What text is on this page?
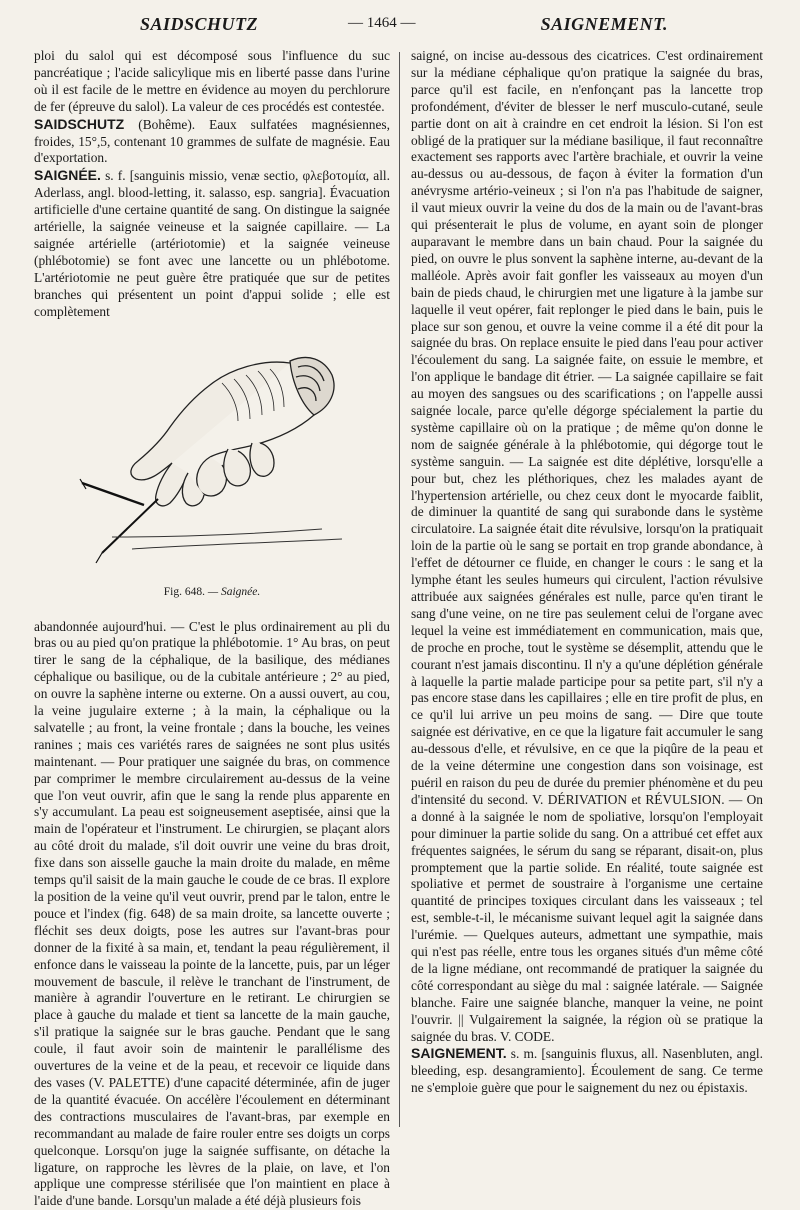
SAIDSCHUTZ	— 1464 —	SAIGNEMENT.

ploi du salol qui est décomposé sous l'influence du suc pancréatique ; l'acide salicylique mis en liberté passe dans l'urine où il est facile de le mettre en évidence au moyen du perchlorure de fer (épreuve du salol). La valeur de ces procédés est contestée.

SAIDSCHUTZ (Bohême). Eaux sulfatées magnésiennes, froides, 15°,5, contenant 10 grammes de sulfate de magnésie. Eau d'exportation.

SAIGNÉE. s. f. [sanguinis missio, venæ sectio, φλεβοτομία, all. Aderlass, angl. blood-letting, it. salasso, esp. sangria]. Évacuation artificielle d'une certaine quantité de sang. On distingue la saignée artérielle, la saignée veineuse et la saignée capillaire. — La saignée artérielle (artériotomie) et la saignée veineuse (phlébotomie) se font avec une lancette ou un phlébotome. L'artériotomie ne peut guère être pratiquée que sur de petites branches qui présentent un point d'appui solide ; elle est complètement

Fig. 648. — Saignée.

abandonnée aujourd'hui. — C'est le plus ordinairement au pli du bras ou au pied qu'on pratique la phlébotomie. 1° Au bras, on peut tirer le sang de la céphalique, de la basilique, des médianes céphalique ou basilique, ou de la cubitale antérieure ; 2° au pied, on ouvre la saphène interne ou externe. On a aussi ouvert, au cou, la veine jugulaire externe ; à la main, la céphalique ou la salvatelle ; au front, la veine frontale ; dans la bouche, les veines ranines ; mais ces variétés rares de saignées ne sont plus usités maintenant. — Pour pratiquer une saignée du bras, on commence par comprimer le membre circulairement au-dessus de la veine que l'on veut ouvrir, afin que le sang la rende plus apparente en s'y accumulant. La peau est soigneusement aseptisée, ainsi que la main de l'opérateur et l'instrument. Le chirurgien, se plaçant alors au côté droit du malade, s'il doit ouvrir une veine du bras droit, fixe dans son aisselle gauche la main droite du malade, en même temps qu'il saisit de la main gauche le coude de ce bras. Il explore la position de la veine qu'il veut ouvrir, prend par le talon, entre le pouce et l'index (fig. 648) de sa main droite, sa lancette ouverte ; fléchit ses deux doigts, pose les autres sur l'avant-bras pour donner de la fixité à sa main, et, tendant la peau régulièrement, il enfonce dans le vaisseau la pointe de la lancette, puis, par un léger mouvement de bascule, il relève le tranchant de l'instrument, de manière à agrandir l'ouverture en le retirant. Le chirurgien se place à gauche du malade et tient sa lancette de la main gauche, s'il pratique la saignée sur le bras gauche. Pendant que le sang coule, il faut avoir soin de maintenir le parallélisme des ouvertures de la veine et de la peau, et recevoir ce liquide dans des vases (V. PALETTE) d'une capacité déterminée, afin de juger de la quantité évacuée. On accélère l'écoulement en déterminant des contractions musculaires de l'avant-bras, par exemple en recommandant au malade de faire rouler entre ses doigts un corps quelconque. Lorsqu'on juge la saignée suffisante, on détache la ligature, on rapproche les lèvres de la plaie, on lave, et l'on applique une compresse stérilisée que l'on maintient en place à l'aide d'une bande. Lorsqu'un malade a été déjà plusieurs fois

saigné, on incise au-dessous des cicatrices. C'est ordinairement sur la médiane céphalique qu'on pratique la saignée du bras, parce qu'il est facile, en n'enfonçant pas la lancette trop profondément, d'éviter de blesser le nerf musculo-cutané, seule partie dont on ait à craindre en cet endroit la lésion. Si l'on est obligé de la pratiquer sur la médiane basilique, il faut reconnaître exactement ses rapports avec l'artère brachiale, et ouvrir la veine au-dessus ou au-dessous, de façon à éviter la formation d'un anévrysme artério-veineux ; si l'on n'a pas l'habitude de saigner, il vaut mieux ouvrir la veine du dos de la main ou de l'avant-bras qui présenterait le plus de volume, en ayant soin de plonger auparavant le membre dans un bain chaud. Pour la saignée du pied, on ouvre le plus sonvent la saphène interne, au-devant de la malléole. Après avoir fait gonfler les vaisseaux au moyen d'un bain de pieds chaud, le chirurgien met une ligature à la jambe sur laquelle il veut opérer, fait replonger le pied dans le bain, puis le place sur son genou, et ouvre la veine comme il a été dit pour la saignée du bras. On replace ensuite le pied dans l'eau pour activer l'écoulement du sang. La saignée faite, on essuie le membre, et l'on applique le bandage dit étrier. — La saignée capillaire se fait au moyen des sangsues ou des scarifications ; on l'appelle aussi saignée locale, parce qu'elle dégorge spécialement la partie du système capillaire où on la pratique ; de même qu'on donne le nom de saignée générale à la phlébotomie, qui dégorge tout le système sanguin. — La saignée est dite déplétive, lorsqu'elle a pour but, chez les pléthoriques, chez les malades ayant de l'hypertension artérielle, ou chez ceux dont le myocarde faiblit, de diminuer la quantité de sang qui surabonde dans le système circulatoire. La saignée était dite révulsive, lorsqu'on la pratiquait loin de la partie où le sang se portait en trop grande abondance, à l'effet de détourner ce fluide, en changer le cours : le sang et la lymphe étant les seules humeurs qui circulent, l'action révulsive attribuée aux saignées générales est nulle, parce qu'en tirant le sang d'une veine, on ne tire pas seulement celui de l'organe avec lequel la veine est immédiatement en communication, mais que, de proche en proche, tout le système se désemplit, attendu que le courant n'est jamais discontinu. Il n'y a qu'une déplétion générale à laquelle la partie malade participe pour sa petite part, s'il n'y a pas encore stase dans les capillaires ; elle en tire profit de plus, en ce qu'il lui arrive un peu moins de sang. — Dire que toute saignée est dérivative, en ce que la ligature fait accumuler le sang au-dessous d'elle, et révulsive, en ce que la piqûre de la peau et de la veine détermine une congestion dans son voisinage, est puéril en raison du peu de durée du premier phénomène et du peu d'intensité du second. V. DÉRIVATION et RÉVULSION. — On a donné à la saignée le nom de spoliative, lorsqu'on l'employait pour diminuer la partie solide du sang. On a attribué cet effet aux fréquentes saignées, le sérum du sang se réparant, disait-on, plus promptement que la partie solide. En réalité, toute saignée est spoliative et permet de soustraire à l'organisme une certaine quantité de principes toxiques circulant dans les vaisseaux ; tel est, semble-t-il, le mécanisme suivant lequel agit la saignée dans l'urémie. — Quelques auteurs, admettant une sympathie, mais qui n'est pas réelle, entre tous les organes situés d'un même côté de la ligne médiane, ont recommandé de pratiquer la saignée du côté correspondant au siège du mal : saignée latérale. — Saignée blanche. Faire une saignée blanche, manquer la veine, ne point l'ouvrir. || Vulgairement la saignée, la région où se pratique la saignée du bras. V. CODE.

SAIGNEMENT. s. m. [sanguinis fluxus, all. Nasenbluten, angl. bleeding, esp. desangramiento]. Écoulement de sang. Ce terme ne s'emploie guère que pour le saignement du nez ou épistaxis.
